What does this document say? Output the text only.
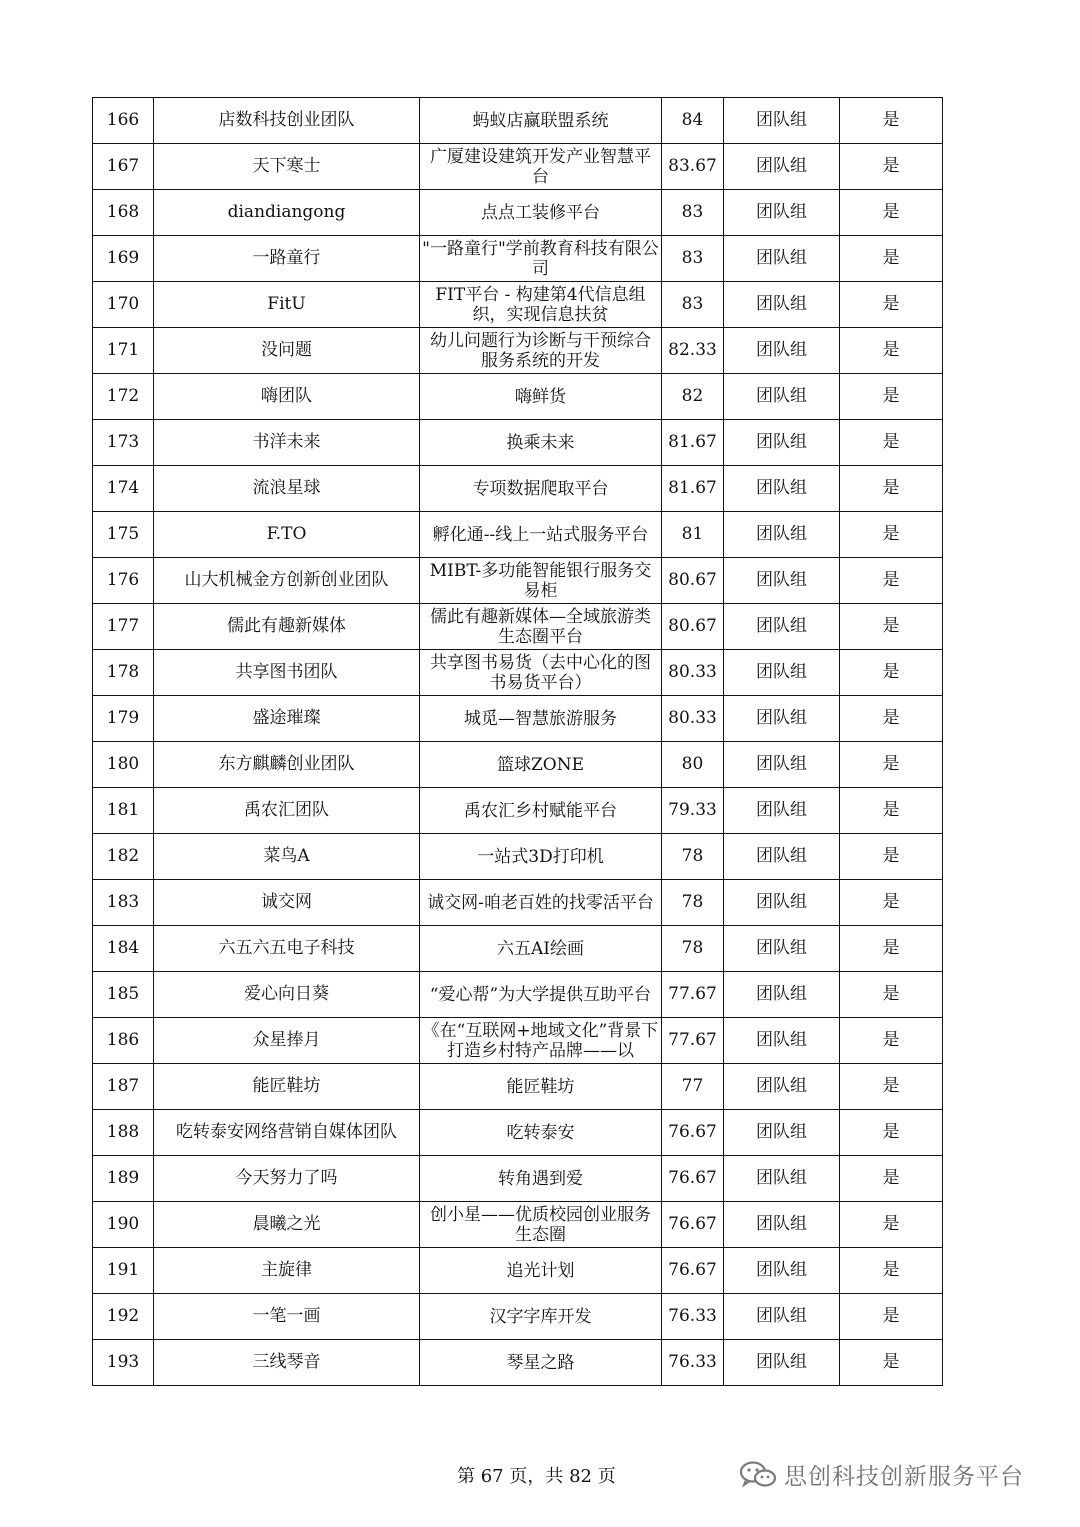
166	店数科技创业团队	蚂蚁店赢联盟系统	84	团队组	是

167	天下寒士	广厦建设建筑开发产业智慧平台	83.67	团队组	是

168	diandiangong	点点工装修平台	83	团队组	是

169	一路童行	"一路童行"学前教育科技有限公司	83	团队组	是

170	FitU	FIT平台 - 构建第4代信息组织，实现信息扶贫	83	团队组	是

171	没问题	幼儿问题行为诊断与干预综合服务系统的开发	82.33	团队组	是

172	嗨团队	嗨鲜货	82	团队组	是

173	书洋未来	换乘未来	81.67	团队组	是

174	流浪星球	专项数据爬取平台	81.67	团队组	是

175	F.TO	孵化通--线上一站式服务平台	81	团队组	是

176	山大机械金方创新创业团队	MIBT-多功能智能银行服务交易柜	80.67	团队组	是

177	儒此有趣新媒体	儒此有趣新媒体—全域旅游类生态圈平台	80.67	团队组	是

178	共享图书团队	共享图书易货（去中心化的图书易货平台）	80.33	团队组	是

179	盛途璀璨	城觅—智慧旅游服务	80.33	团队组	是

180	东方麒麟创业团队	篮球ZONE	80	团队组	是

181	禹农汇团队	禹农汇乡村赋能平台	79.33	团队组	是

182	菜鸟A	一站式3D打印机	78	团队组	是

183	诚交网	诚交网-咱老百姓的找零活平台	78	团队组	是

184	六五六五电子科技	六五AI绘画	78	团队组	是

185	爱心向日葵	“爱心帮”为大学提供互助平台	77.67	团队组	是

186	众星捧月	《在“互联网+地域文化”背景下打造乡村特产品牌——以	77.67	团队组	是

187	能匠鞋坊	能匠鞋坊	77	团队组	是

188	吃转泰安网络营销自媒体团队	吃转泰安	76.67	团队组	是

189	今天努力了吗	转角遇到爱	76.67	团队组	是

190	晨曦之光	创小星——优质校园创业服务生态圈	76.67	团队组	是

191	主旋律	追光计划	76.67	团队组	是

192	一笔一画	汉字字库开发	76.33	团队组	是

193	三线琴音	琴星之路	76.33	团队组	是
第 67 页，共 82 页	思创科技创新服务平台
